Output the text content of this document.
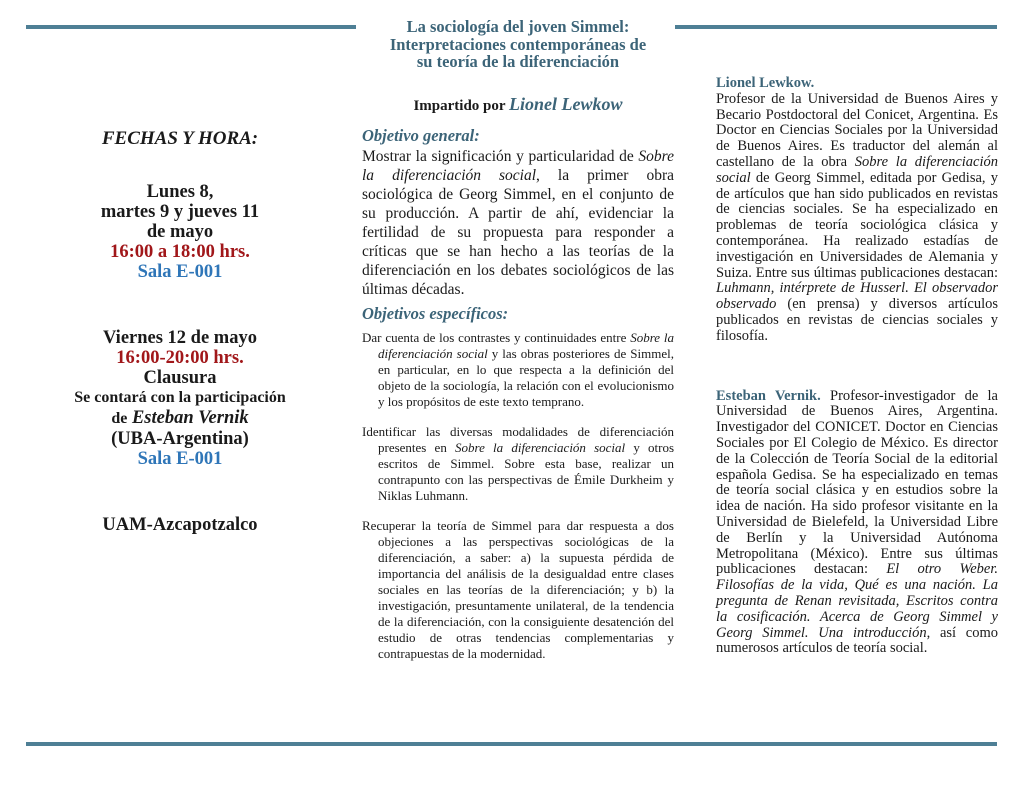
FECHAS Y HORA:
Lunes 8,
martes 9 y jueves 11
de mayo
16:00 a 18:00 hrs.
Sala E-001
Viernes 12 de mayo
16:00-20:00 hrs.
Clausura
Se contará con la participación
de Esteban Vernik
(UBA-Argentina)
Sala E-001
UAM-Azcapotzalco
La sociología del joven Simmel:
Interpretaciones contemporáneas de
su teoría de la diferenciación
Impartido por Lionel Lewkow
Objetivo general:

Mostrar la significación y particularidad de Sobre la diferenciación social, la primer obra sociológica de Georg Simmel, en el conjunto de su producción. A partir de ahí, evidenciar la fertilidad de su propuesta para responder a críticas que se han hecho a las teorías de la diferenciación en los debates sociológicos de las últimas décadas.

Objetivos específicos:

Dar cuenta de los contrastes y continuidades entre Sobre la diferenciación social y las obras posteriores de Simmel, en particular, en lo que respecta a la definición del objeto de la sociología, la relación con el evolucionismo y los propósitos de este texto temprano.

Identificar las diversas modalidades de diferenciación presentes en Sobre la diferenciación social y otros escritos de Simmel. Sobre esta base, realizar un contrapunto con las perspectivas de Émile Durkheim y Niklas Luhmann.

Recuperar la teoría de Simmel para dar respuesta a dos objeciones a las perspectivas sociológicas de la diferenciación, a saber: a) la supuesta pérdida de importancia del análisis de la desigualdad entre clases sociales en las teorías de la diferenciación; y b) la investigación, presuntamente unilateral, de la tendencia de la diferenciación, con la consiguiente desatención del estudio de otras tendencias complementarias y contrapuestas de la modernidad.

Lionel Lewkow.
Profesor de la Universidad de Buenos Aires y Becario Postdoctoral del Conicet, Argentina. Es Doctor en Ciencias Sociales por la Universidad de Buenos Aires. Es traductor del alemán al castellano de la obra Sobre la diferenciación social de Georg Simmel, editada por Gedisa, y de artículos que han sido publicados en revistas de ciencias sociales. Se ha especializado en problemas de teoría sociológica clásica y contemporánea. Ha realizado estadías de investigación en Universidades de Alemania y Suiza. Entre sus últimas publicaciones destacan: Luhmann, intérprete de Husserl. El observador observado (en prensa) y diversos artículos publicados en revistas de ciencias sociales y filosofía.

Esteban Vernik. Profesor-investigador de la Universidad de Buenos Aires, Argentina. Investigador del CONICET. Doctor en Ciencias Sociales por El Colegio de México. Es director de la Colección de Teoría Social de la editorial española Gedisa. Se ha especializado en temas de teoría social clásica y en estudios sobre la idea de nación. Ha sido profesor visitante en la Universidad de Bielefeld, la Universidad Libre de Berlín y la Universidad Autónoma Metropolitana (México). Entre sus últimas publicaciones destacan: El otro Weber. Filosofías de la vida, Qué es una nación. La pregunta de Renan revisitada, Escritos contra la cosificación. Acerca de Georg Simmel y Georg Simmel. Una introducción, así como numerosos artículos de teoría social.
